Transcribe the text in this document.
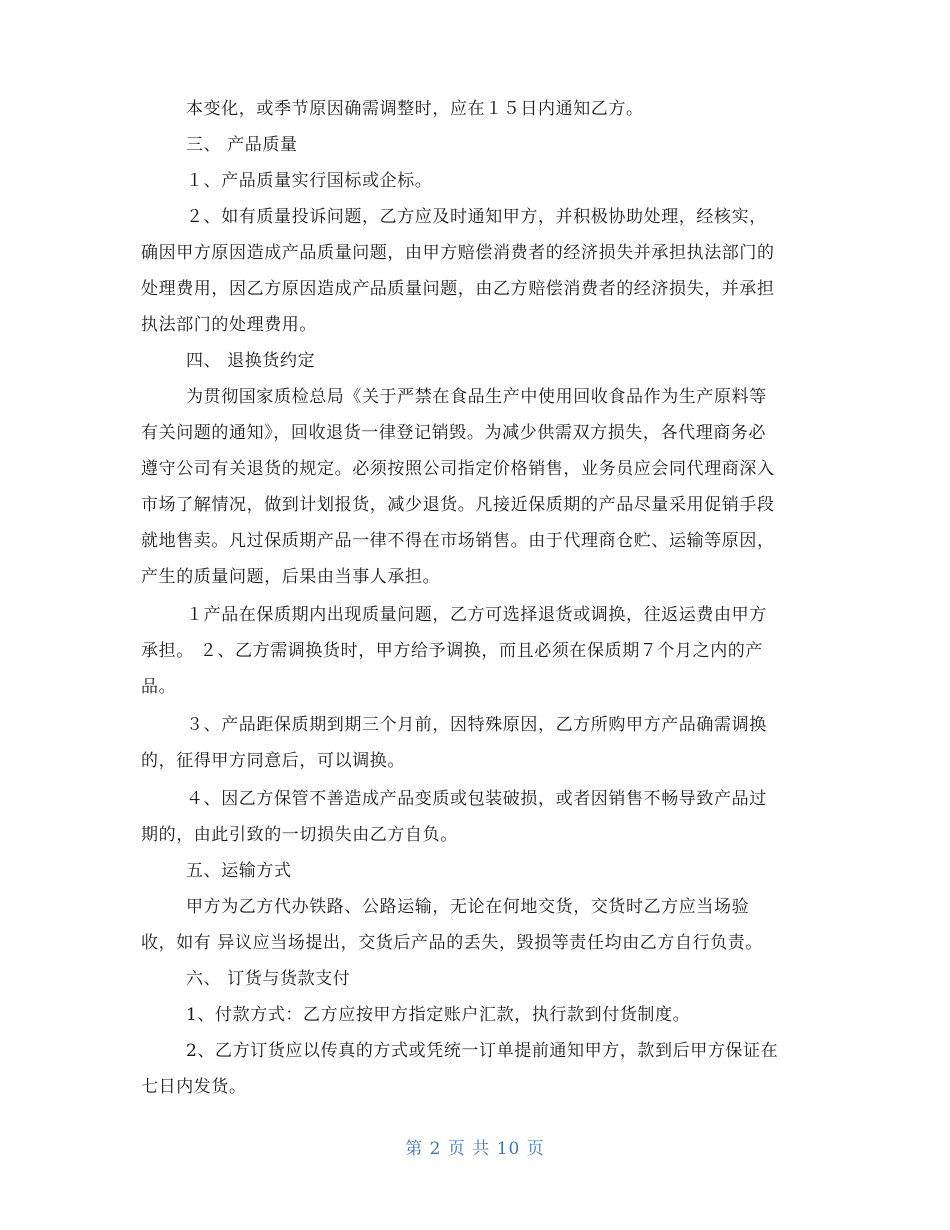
本变化，或季节原因确需调整时，应在１５日内通知乙方。
三、 产品质量
１、产品质量实行国标或企标。
２、如有质量投诉问题，乙方应及时通知甲方，并积极协助处理，经核实，
确因甲方原因造成产品质量问题，由甲方赔偿消费者的经济损失并承担执法部门的
处理费用，因乙方原因造成产品质量问题，由乙方赔偿消费者的经济损失，并承担
执法部门的处理费用。
四、 退换货约定
为贯彻国家质检总局《关于严禁在食品生产中使用回收食品作为生产原料等
有关问题的通知》，回收退货一律登记销毁。为减少供需双方损失，各代理商务必
遵守公司有关退货的规定。必须按照公司指定价格销售，业务员应会同代理商深入
市场了解情况，做到计划报货，减少退货。凡接近保质期的产品尽量采用促销手段
就地售卖。凡过保质期产品一律不得在市场销售。由于代理商仓贮、运输等原因，
产生的质量问题，后果由当事人承担。
１产品在保质期内出现质量问题，乙方可选择退货或调换，往返运费由甲方
承担。 ２、乙方需调换货时，甲方给予调换，而且必须在保质期７个月之内的产
品。
３、产品距保质期到期三个月前，因特殊原因，乙方所购甲方产品确需调换
的，征得甲方同意后，可以调换。
４、因乙方保管不善造成产品变质或包装破损，或者因销售不畅导致产品过
期的，由此引致的一切损失由乙方自负。
五、运输方式
甲方为乙方代办铁路、公路运输，无论在何地交货，交货时乙方应当场验
收，如有 异议应当场提出，交货后产品的丢失，毁损等责任均由乙方自行负责。
六、 订货与货款支付
1、付款方式：乙方应按甲方指定账户汇款，执行款到付货制度。
2、乙方订货应以传真的方式或凭统一订单提前通知甲方，款到后甲方保证在
七日内发货。
第 2 页 共 10 页
